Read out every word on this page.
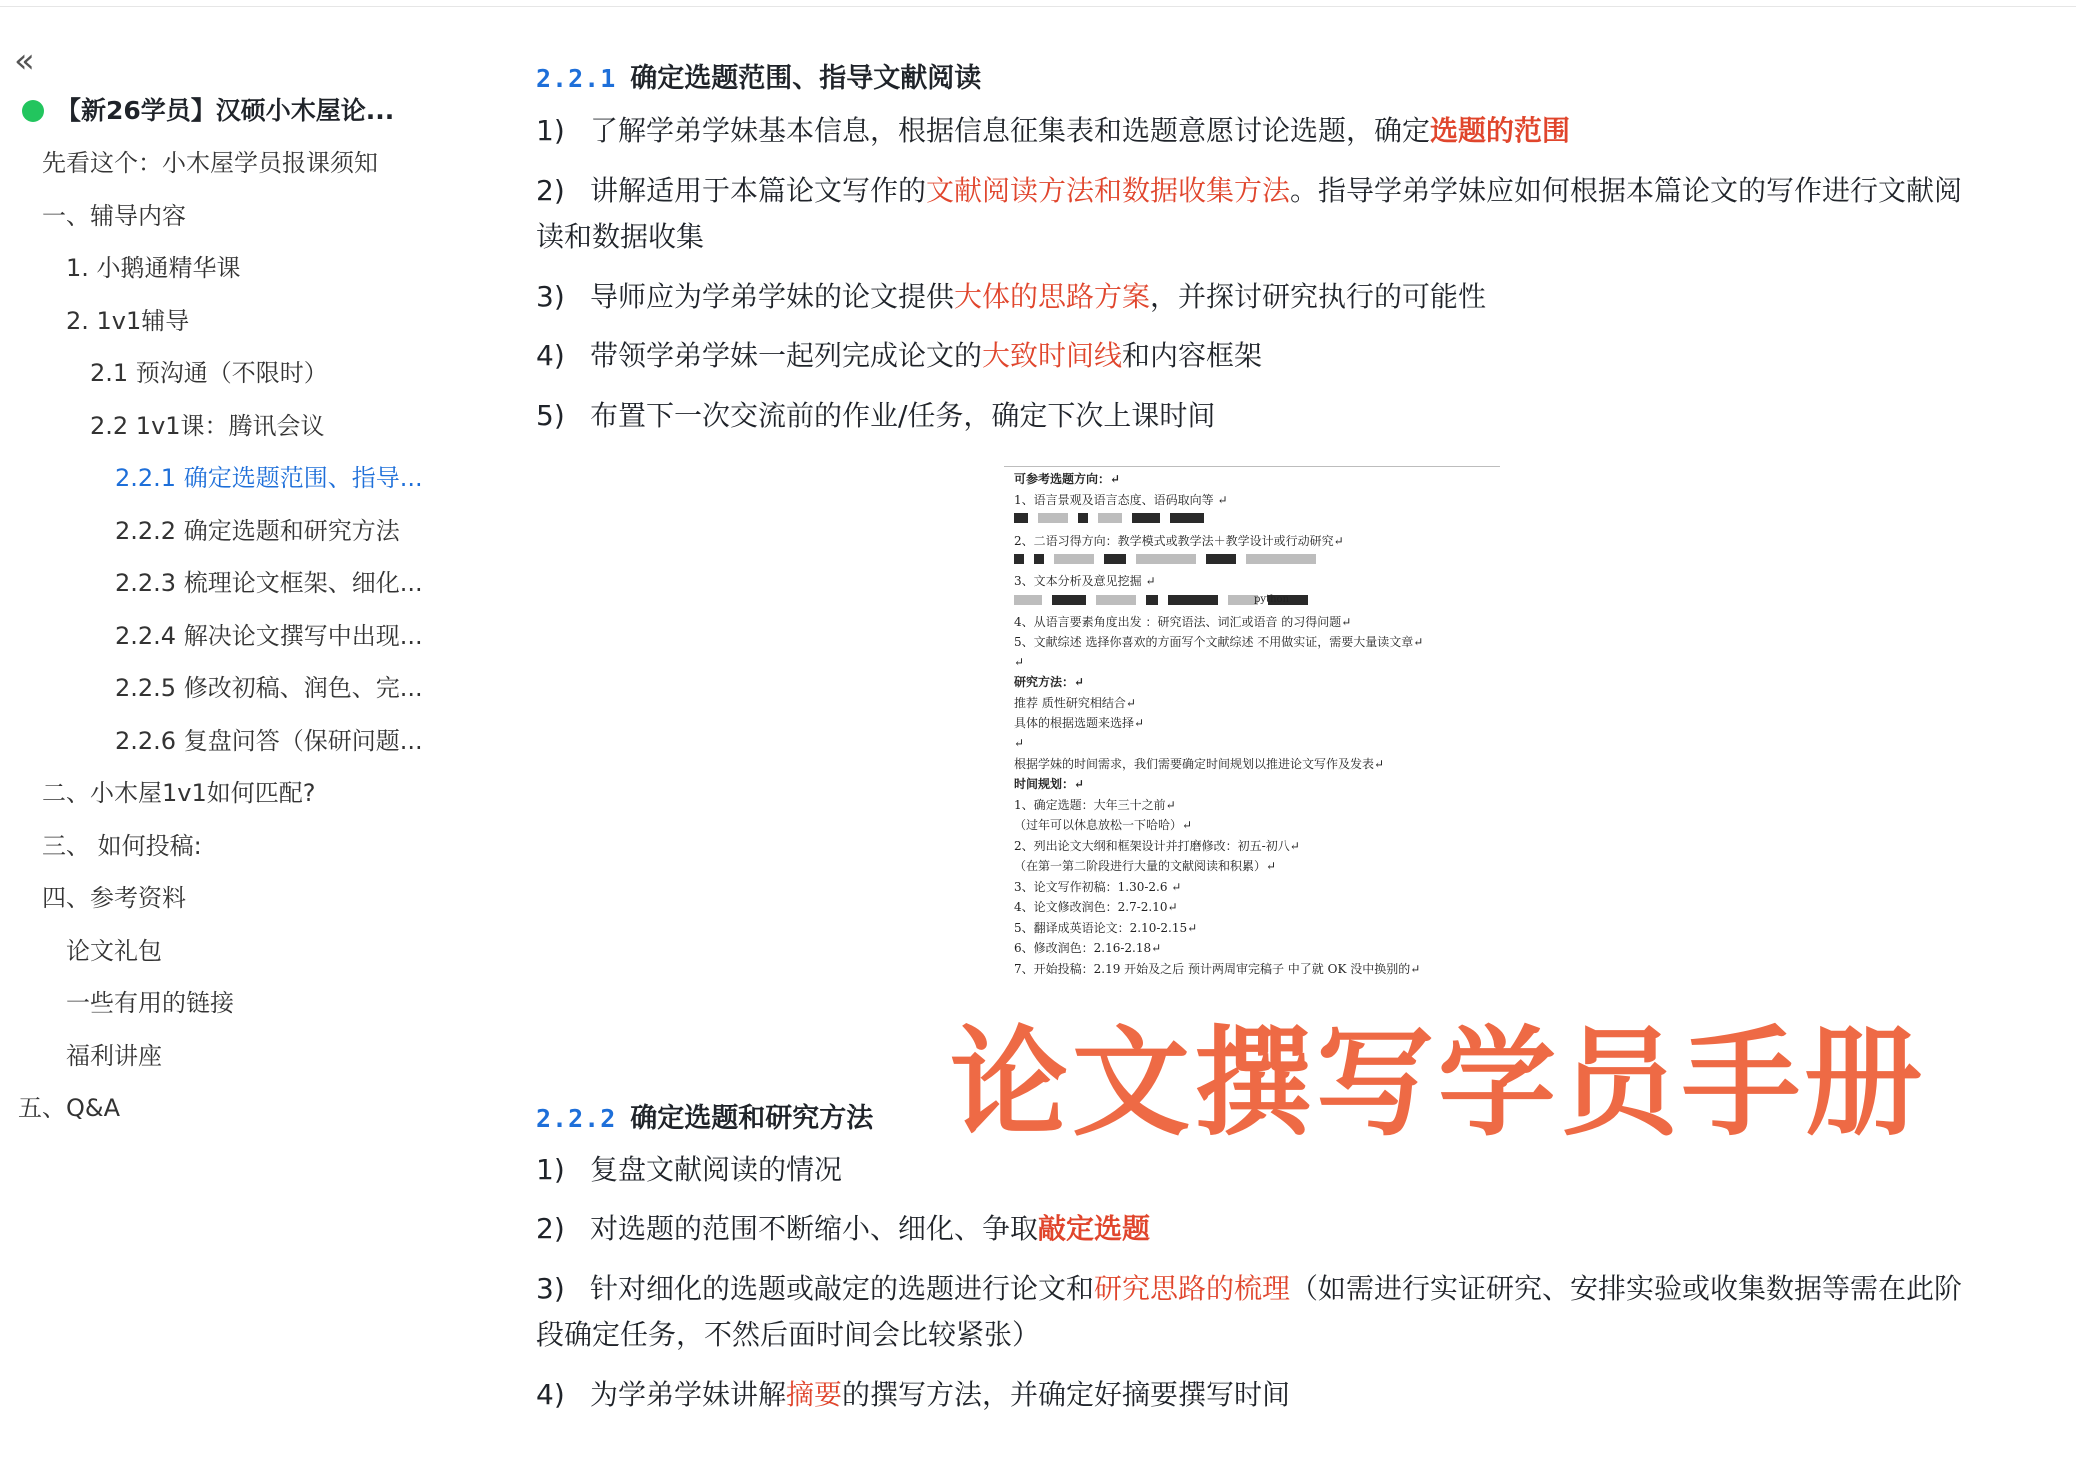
«
【新26学员】汉硕小木屋论...
先看这个：小木屋学员报课须知
一、辅导内容
1. 小鹅通精华课
2. 1v1辅导
2.1 预沟通（不限时）
2.2 1v1课：腾讯会议
2.2.1 确定选题范围、指导...
2.2.2 确定选题和研究方法
2.2.3 梳理论文框架、细化...
2.2.4 解决论文撰写中出现...
2.2.5 修改初稿、润色、完...
2.2.6 复盘问答（保研问题...
二、小木屋1v1如何匹配?
三、 如何投稿:
四、参考资料
论文礼包
一些有用的链接
福利讲座
五、Q&A
2.2.1 确定选题范围、指导文献阅读
1) 了解学弟学妹基本信息，根据信息征集表和选题意愿讨论选题，确定选题的范围
2) 讲解适用于本篇论文写作的文献阅读方法和数据收集方法。指导学弟学妹应如何根据本篇论文的写作进行文献阅读和数据收集
3) 导师应为学弟学妹的论文提供大体的思路方案，并探讨研究执行的可能性
4) 带领学弟学妹一起列完成论文的大致时间线和内容框架
5) 布置下一次交流前的作业/任务，确定下次上课时间
可参考选题方向：↵
1、语言景观及语言态度、语码取向等 ↵
2、二语习得方向：教学模式或教学法＋教学设计或行动研究↵
3、文本分析及意见挖掘 ↵
python
4、从语言要素角度出发 ：研究语法、词汇或语音 的习得问题↵
5、文献综述 选择你喜欢的方面写个文献综述 不用做实证，需要大量读文章↵
↵
研究方法：↵
推荐 质性研究相结合↵
具体的根据选题来选择↵
↵
根据学妹的时间需求，我们需要确定时间规划以推进论文写作及发表↵
时间规划：↵
1、确定选题：大年三十之前↵
（过年可以休息放松一下哈哈）↵
2、列出论文大纲和框架设计并打磨修改：初五-初八↵
（在第一第二阶段进行大量的文献阅读和积累）↵
3、论文写作初稿：1.30-2.6 ↵
4、论文修改润色：2.7-2.10↵
5、翻译成英语论文：2.10-2.15↵
6、修改润色：2.16-2.18↵
7、开始投稿：2.19 开始及之后 预计两周审完稿子 中了就 OK 没中换别的↵
2.2.2 确定选题和研究方法
1) 复盘文献阅读的情况
2) 对选题的范围不断缩小、细化、争取敲定选题
3) 针对细化的选题或敲定的选题进行论文和研究思路的梳理（如需进行实证研究、安排实验或收集数据等需在此阶段确定任务，不然后面时间会比较紧张）
4) 为学弟学妹讲解摘要的撰写方法，并确定好摘要撰写时间
论文撰写学员手册
